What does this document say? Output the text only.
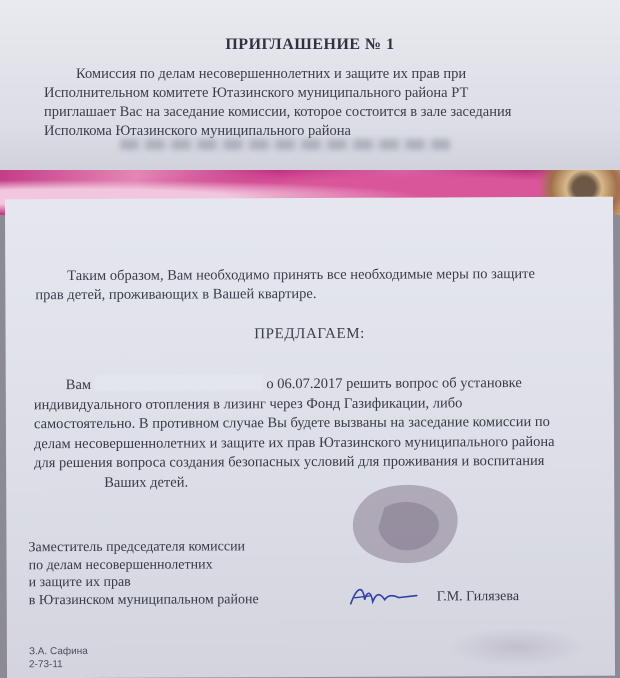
ПРИГЛАШЕНИЕ № 1
Комиссия по делам несовершеннолетних и защите их прав при
Исполнительном комитете Ютазинского муниципального района РТ
приглашает Вас на заседание комиссии, которое состоится в зале заседания
Исполкома Ютазинского муниципального района
Таким образом, Вам необходимо принять все необходимые меры по защите
прав детей, проживающих в Вашей квартире.
ПРЕДЛАГАЕМ:
Вам	о 06.07.2017 решить вопрос об установке
индивидуального отопления в лизинг через Фонд Газификации, либо
самостоятельно. В противном случае Вы будете вызваны на заседание комиссии по
делам несовершеннолетних и защите их прав Ютазинского муниципального района
для решения вопроса создания безопасных условий для проживания и воспитания
Ваших детей.
Заместитель председателя комиссии
по делам несовершеннолетних
и защите их прав
в Ютазинском муниципальном районе	Г.М. Гилязева
З.А. Сафина
2-73-11
